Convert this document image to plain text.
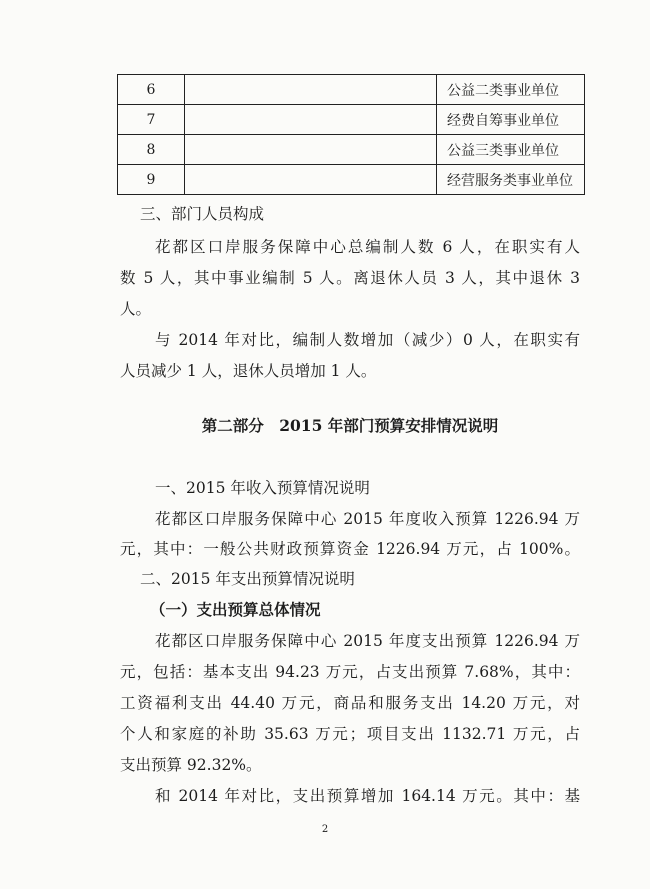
6		公益二类事业单位
7		经费自筹事业单位
8		公益三类事业单位
9		经营服务类事业单位
三、部门人员构成
花都区口岸服务保障中心总编制人数 6 人，在职实有人
数 5 人，其中事业编制 5 人。离退休人员 3 人，其中退休 3
人。
与 2014 年对比，编制人数增加（减少）0 人，在职实有
人员减少 1 人，退休人员增加 1 人。
第二部分　2015 年部门预算安排情况说明
一、2015 年收入预算情况说明
花都区口岸服务保障中心 2015 年度收入预算 1226.94 万
元，其中：一般公共财政预算资金 1226.94 万元，占 100%。
二、2015 年支出预算情况说明
（一）支出预算总体情况
花都区口岸服务保障中心 2015 年度支出预算 1226.94 万
元，包括：基本支出 94.23 万元，占支出预算 7.68%，其中：
工资福利支出 44.40 万元，商品和服务支出 14.20 万元，对
个人和家庭的补助 35.63 万元；项目支出 1132.71 万元，占
支出预算 92.32%。
和 2014 年对比，支出预算增加 164.14 万元。其中：基
2
